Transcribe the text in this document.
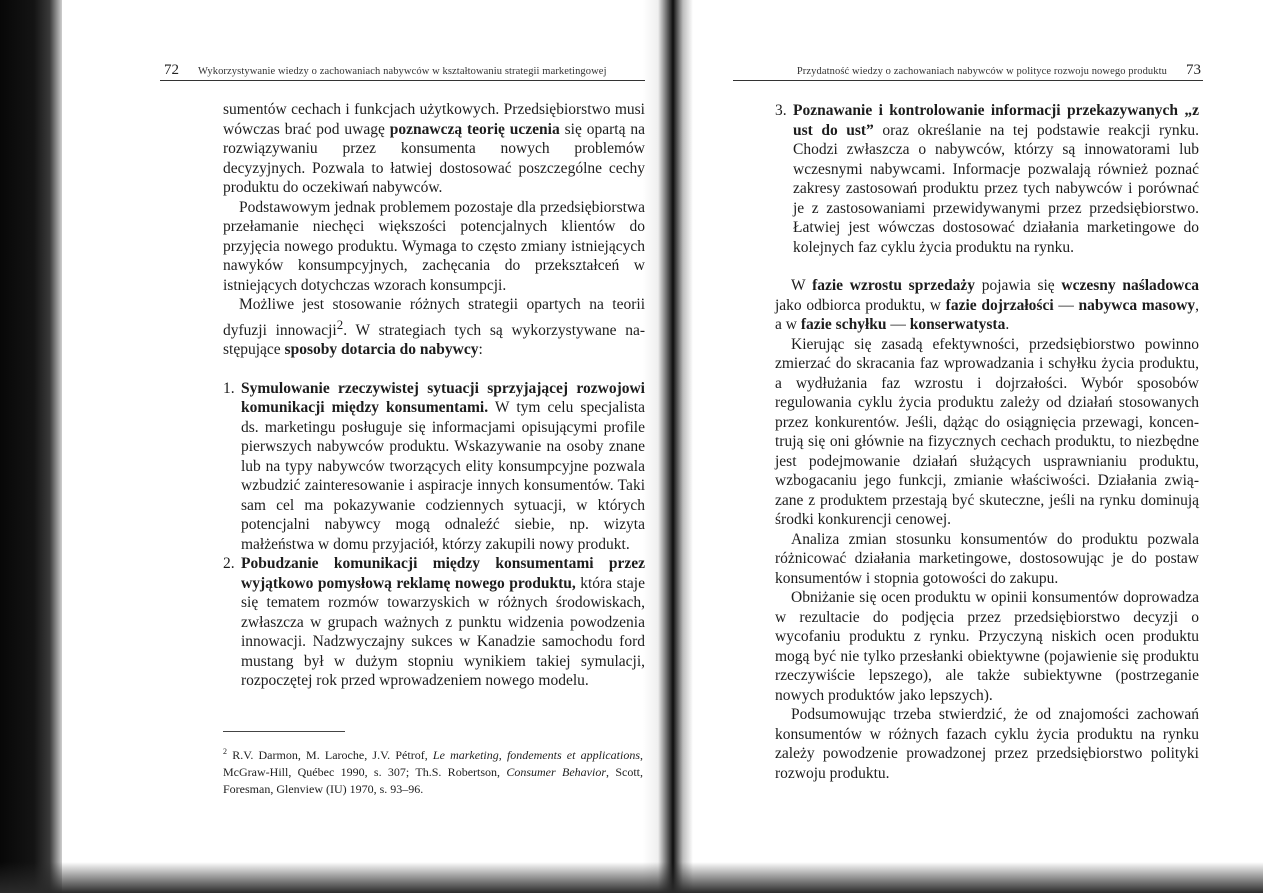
72 Wykorzystywanie wiedzy o zachowaniach nabywców w kształtowaniu strategii marketingowej

sumentów cechach i funkcjach użytkowych. Przedsiębiorstwo musi wówczas brać pod uwagę poznawczą teorię uczenia się opartą na rozwiązywaniu przez konsumenta nowych problemów decyzyjnych. Pozwala to łatwiej dostosować poszczególne cechy produktu do oczekiwań nabywców.

Podstawowym jednak problemem pozostaje dla przedsiębiorstwa przełamanie niechęci większości potencjalnych klientów do przyjęcia nowego produktu. Wymaga to często zmiany istniejących nawyków konsumpcyjnych, zachęcania do przekształceń w istniejących dotychczas wzorach konsumpcji.

Możliwe jest stosowanie różnych strategii opartych na teorii dyfuzji innowacji$^2$. W strategiach tych są wykorzystywane następujące sposoby dotarcia do nabywcy:

1. Symulowanie rzeczywistej sytuacji sprzyjającej rozwojowi komunikacji między konsumentami. W tym celu specjalista ds. marketingu posługuje się informacjami opisującymi profile pierwszych nabywców produktu. Wskazywanie na osoby znane lub na typy nabywców tworzących elity konsumpcyjne pozwala wzbudzić zainteresowanie i aspiracje innych konsumentów. Taki sam cel ma pokazywanie codziennych sytuacji, w których potencjalni nabywcy mogą odnaleźć siebie, np. wizyta małżeństwa w domu przyjaciół, którzy zakupili nowy produkt.
2. Pobudzanie komunikacji między konsumentami przez wyjątkowo pomysłową reklamę nowego produktu, która staje się tematem rozmów towarzyskich w różnych środowiskach, zwłaszcza w grupach ważnych z punktu widzenia powodzenia innowacji. Nadzwyczajny sukces w Kanadzie samochodu ford mustang był w dużym stopniu wynikiem takiej symulacji, rozpoczętej rok przed wprowadzeniem nowego modelu.
$^2$ R.V. Darmon, M. Laroche, J.V. Pétrof, Le marketing, fondements et applications, McGraw-Hill, Québec 1990, s. 307; Th.S. Robertson, Consumer Behavior, Scott, Foresman, Glenview (IU) 1970, s. 93–96.
Przydatność wiedzy o zachowaniach nabywców w polityce rozwoju nowego produktu 73
3. Poznawanie i kontrolowanie informacji przekazywanych „z ust do ust” oraz określanie na tej podstawie reakcji rynku. Chodzi zwłaszcza o nabywców, którzy są innowatorami lub wczesnymi nabywcami. Informacje pozwalają również poznać zakresy zastosowań produktu przez tych nabywców i porównać je z zastosowaniami przewidywanymi przez przedsiębiorstwo. Łatwiej jest wówczas dostosować działania marketingowe do kolejnych faz cyklu życia produktu na rynku.

W fazie wzrostu sprzedaży pojawia się wczesny naśladowca jako odbiorca produktu, w fazie dojrzałości — nabywca masowy, a w fazie schyłku — konserwatysta.

Kierując się zasadą efektywności, przedsiębiorstwo powinno zmierzać do skracania faz wprowadzania i schyłku życia produktu, a wydłużania faz wzrostu i dojrzałości. Wybór sposobów regulowania cyklu życia produktu zależy od działań stosowanych przez konkurentów. Jeśli, dążąc do osiągnięcia przewagi, koncentrują się oni głównie na fizycznych cechach produktu, to niezbędne jest podejmowanie działań służących usprawnianiu produktu, wzbogacaniu jego funkcji, zmianie właściwości. Działania związane z produktem przestają być skuteczne, jeśli na rynku dominują środki konkurencji cenowej.

Analiza zmian stosunku konsumentów do produktu pozwala różnicować działania marketingowe, dostosowując je do postaw konsumentów i stopnia gotowości do zakupu.

Obniżanie się ocen produktu w opinii konsumentów doprowadza w rezultacie do podjęcia przez przedsiębiorstwo decyzji o wycofaniu produktu z rynku. Przyczyną niskich ocen produktu mogą być nie tylko przesłanki obiektywne (pojawienie się produktu rzeczywiście lepszego), ale także subiektywne (postrzeganie nowych produktów jako lepszych).

Podsumowując trzeba stwierdzić, że od znajomości zachowań konsumentów w różnych fazach cyklu życia produktu na rynku zależy powodzenie prowadzonej przez przedsiębiorstwo polityki rozwoju produktu.
